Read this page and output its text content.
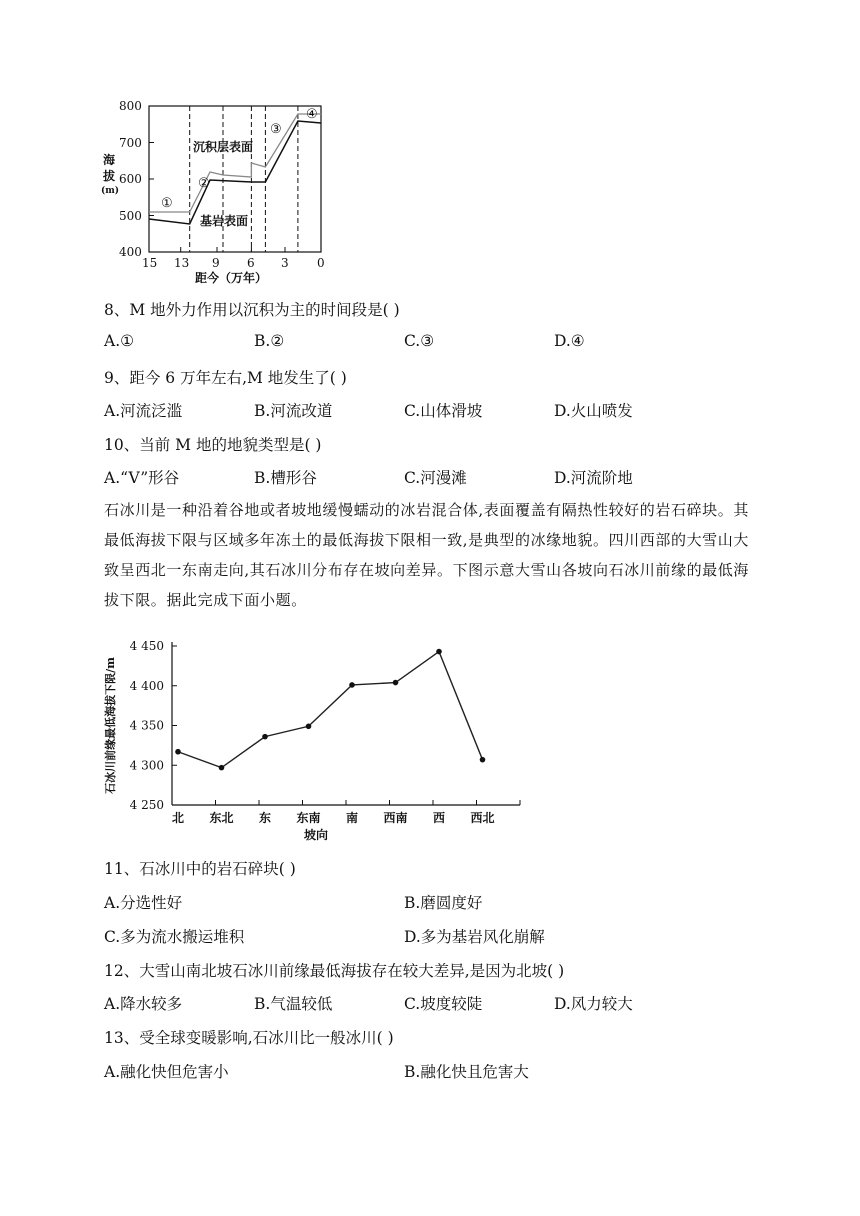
800
700
600
500
400
海
拔
(m)
15 13 9 6 3 0
距今（万年）
沉积层表面
基岩表面
①
②
③
④
8、M 地外力作用以沉积为主的时间段是( )
A.①	B.②	C.③	D.④
9、距今 6 万年左右,M 地发生了( )
A.河流泛滥	B.河流改道	C.山体滑坡	D.火山喷发
10、当前 M 地的地貌类型是( )
A.“V”形谷	B.槽形谷	C.河漫滩	D.河流阶地
石冰川是一种沿着谷地或者坡地缓慢蠕动的冰岩混合体,表面覆盖有隔热性较好的岩石碎块。其最低海拔下限与区域多年冻土的最低海拔下限相一致,是典型的冰缘地貌。四川西部的大雪山大致呈西北一东南走向,其石冰川分布存在坡向差异。下图示意大雪山各坡向石冰川前缘的最低海拔下限。据此完成下面小题。
4 450
4 400
4 350
4 300
4 250
北 东北 东 东南 南 西南 西 西北
石冰川前缘最低海拔下限/m
坡向
11、石冰川中的岩石碎块( )
A.分选性好	B.磨圆度好
C.多为流水搬运堆积	D.多为基岩风化崩解
12、大雪山南北坡石冰川前缘最低海拔存在较大差异,是因为北坡( )
A.降水较多	B.气温较低	C.坡度较陡	D.风力较大
13、受全球变暖影响,石冰川比一般冰川( )
A.融化快但危害小	B.融化快且危害大
